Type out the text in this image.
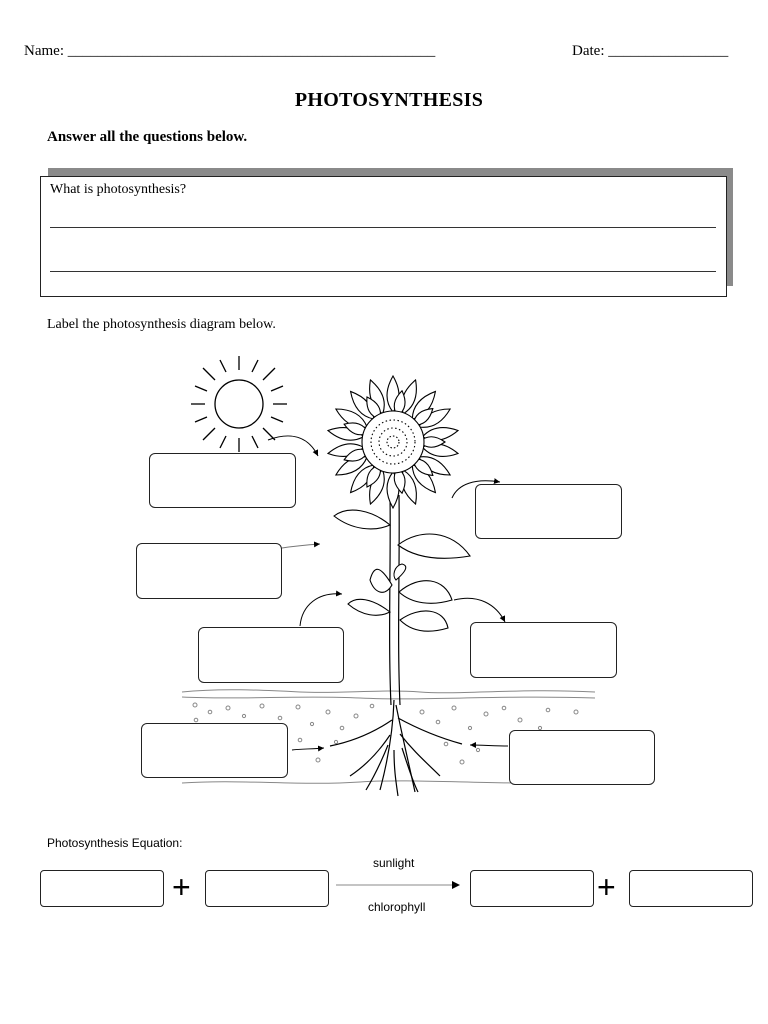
Name: _________________________________________________	Date: ________________
PHOTOSYNTHESIS
Answer all the questions below.
What is photosynthesis?
Label the photosynthesis diagram below.
Photosynthesis Equation:
+
sunlight
chlorophyll
+
